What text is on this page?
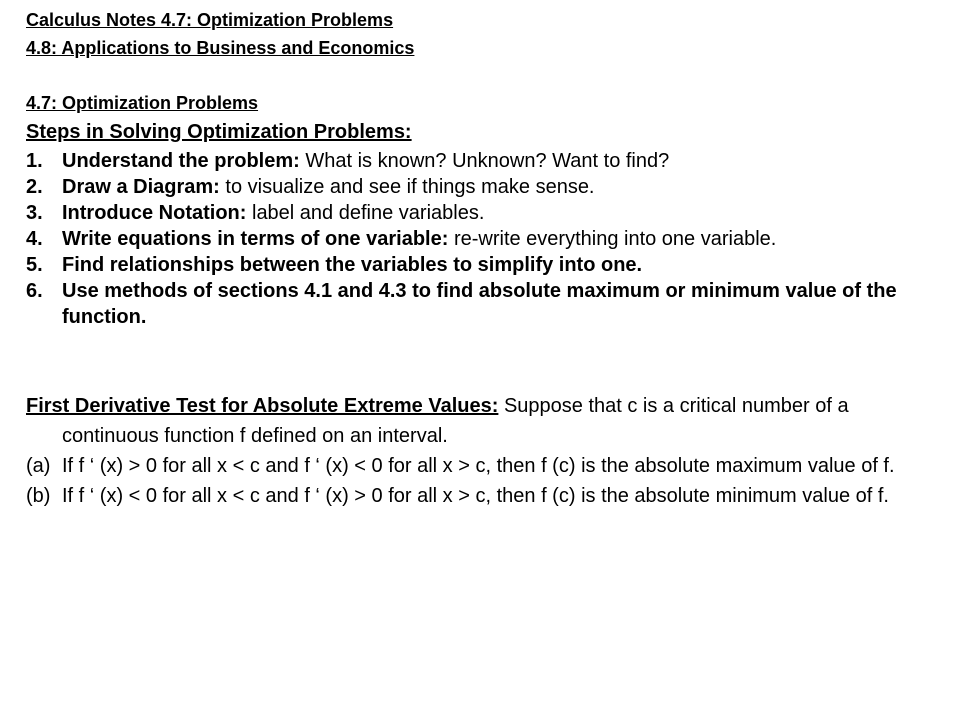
Calculus Notes 4.7: Optimization Problems
4.8: Applications to Business and Economics
4.7: Optimization Problems
Steps in Solving Optimization Problems:
1. Understand the problem: What is known? Unknown? Want to find?
2. Draw a Diagram: to visualize and see if things make sense.
3. Introduce Notation: label and define variables.
4. Write equations in terms of one variable: re-write everything into one variable.
5. Find relationships between the variables to simplify into one.
6. Use methods of sections 4.1 and 4.3 to find absolute maximum or minimum value of the function.
First Derivative Test for Absolute Extreme Values: Suppose that c is a critical number of a continuous function f defined on an interval.
(a) If f ‘ (x) > 0 for all x < c and f ‘ (x) < 0 for all x > c, then f (c) is the absolute maximum value of f.
(b) If f ‘ (x) < 0 for all x < c and f ‘ (x) > 0 for all x > c, then f (c) is the absolute minimum value of f.
